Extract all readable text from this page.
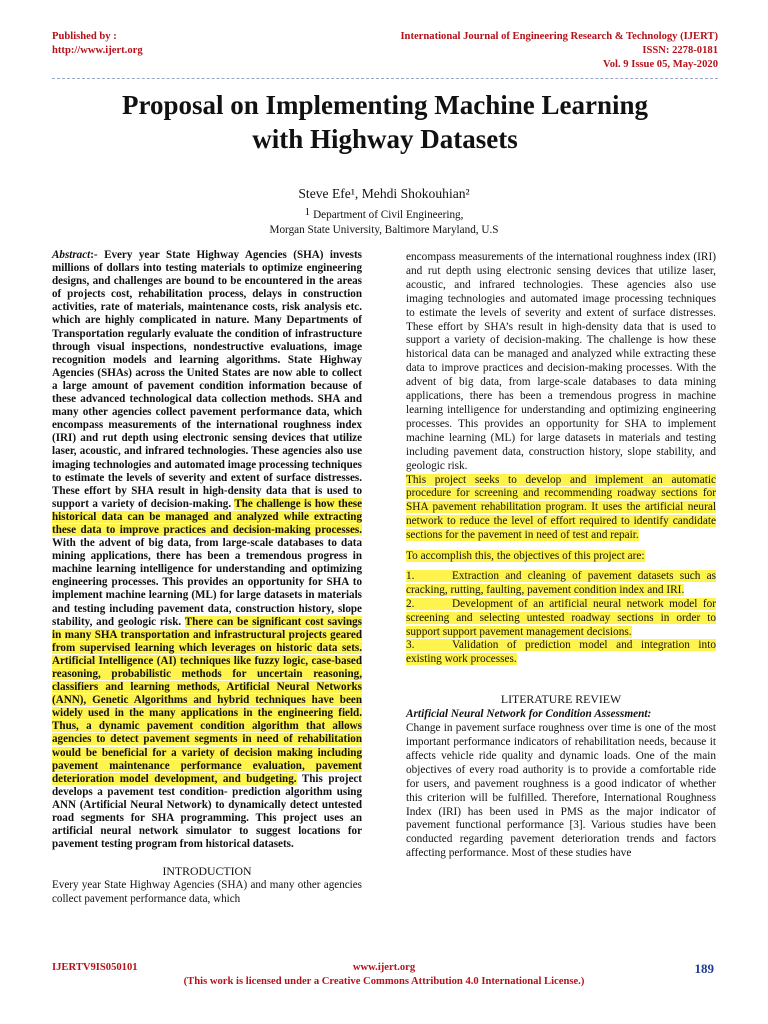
Published by :
http://www.ijert.org
International Journal of Engineering Research & Technology (IJERT)
ISSN: 2278-0181
Vol. 9 Issue 05, May-2020
Proposal on Implementing Machine Learning
with Highway Datasets
Steve Efe¹, Mehdi Shokouhian²
$^1$ Department of Civil Engineering,
Morgan State University, Baltimore Maryland, U.S

Abstract:- Every year State Highway Agencies (SHA) invests millions of dollars into testing materials to optimize engineering designs, and challenges are bound to be encountered in the areas of projects cost, rehabilitation process, delays in construction activities, rate of materials, maintenance costs, risk analysis etc. which are highly complicated in nature. Many Departments of Transportation regularly evaluate the condition of infrastructure through visual inspections, nondestructive evaluations, image recognition models and learning algorithms. State Highway Agencies (SHAs) across the United States are now able to collect a large amount of pavement condition information because of these advanced technological data collection methods. SHA and many other agencies collect pavement performance data, which encompass measurements of the international roughness index (IRI) and rut depth using electronic sensing devices that utilize laser, acoustic, and infrared technologies. These agencies also use imaging technologies and automated image processing techniques to estimate the levels of severity and extent of surface distresses. These effort by SHA result in high-density data that is used to support a variety of decision-making. The challenge is how these historical data can be managed and analyzed while extracting these data to improve practices and decision-making processes. With the advent of big data, from large-scale databases to data mining applications, there has been a tremendous progress in machine learning intelligence for understanding and optimizing engineering processes. This provides an opportunity for SHA to implement machine learning (ML) for large datasets in materials and testing including pavement data, construction history, slope stability, and geologic risk. There can be significant cost savings in many SHA transportation and infrastructural projects geared from supervised learning which leverages on historic data sets. Artificial Intelligence (AI) techniques like fuzzy logic, case-based reasoning, probabilistic methods for uncertain reasoning, classifiers and learning methods, Artificial Neural Networks (ANN), Genetic Algorithms and hybrid techniques have been widely used in the many applications in the engineering field. Thus, a dynamic pavement condition algorithm that allows agencies to detect pavement segments in need of rehabilitation would be beneficial for a variety of decision making including pavement maintenance performance evaluation, pavement deterioration model development, and budgeting. This project develops a pavement test condition- prediction algorithm using ANN (Artificial Neural Network) to dynamically detect untested road segments for SHA programming. This project uses an artificial neural network simulator to suggest locations for pavement testing program from historical datasets.

INTRODUCTION

Every year State Highway Agencies (SHA) and many other agencies collect pavement performance data, which

encompass measurements of the international roughness index (IRI) and rut depth using electronic sensing devices that utilize laser, acoustic, and infrared technologies. These agencies also use imaging technologies and automated image processing techniques to estimate the levels of severity and extent of surface distresses. These effort by SHA’s result in high-density data that is used to support a variety of decision-making. The challenge is how these historical data can be managed and analyzed while extracting these data to improve practices and decision-making processes. With the advent of big data, from large-scale databases to data mining applications, there has been a tremendous progress in machine learning intelligence for understanding and optimizing engineering processes. This provides an opportunity for SHA to implement machine learning (ML) for large datasets in materials and testing including pavement data, construction history, slope stability, and geologic risk.

This project seeks to develop and implement an automatic procedure for screening and recommending roadway sections for SHA pavement rehabilitation program. It uses the artificial neural network to reduce the level of effort required to identify candidate sections for the pavement in need of test and repair.

To accomplish this, the objectives of this project are:

1.	Extraction and cleaning of pavement datasets such as cracking, rutting, faulting, pavement condition index and IRI.

2.	Development of an artificial neural network model for screening and selecting untested roadway sections in order to support support pavement management decisions.

3.	Validation of prediction model and integration into existing work processes.

LITERATURE REVIEW

Artificial Neural Network for Condition Assessment:

Change in pavement surface roughness over time is one of the most important performance indicators of rehabilitation needs, because it affects vehicle ride quality and dynamic loads. One of the main objectives of every road authority is to provide a comfortable ride for users, and pavement roughness is a good indicator of whether this criterion will be fulfilled. Therefore, International Roughness Index (IRI) has been used in PMS as the major indicator of pavement functional performance [3]. Various studies have been conducted regarding pavement deterioration trends and factors affecting performance. Most of these studies have

IJERTV9IS050101	www.ijert.org	189
(This work is licensed under a Creative Commons Attribution 4.0 International License.)
